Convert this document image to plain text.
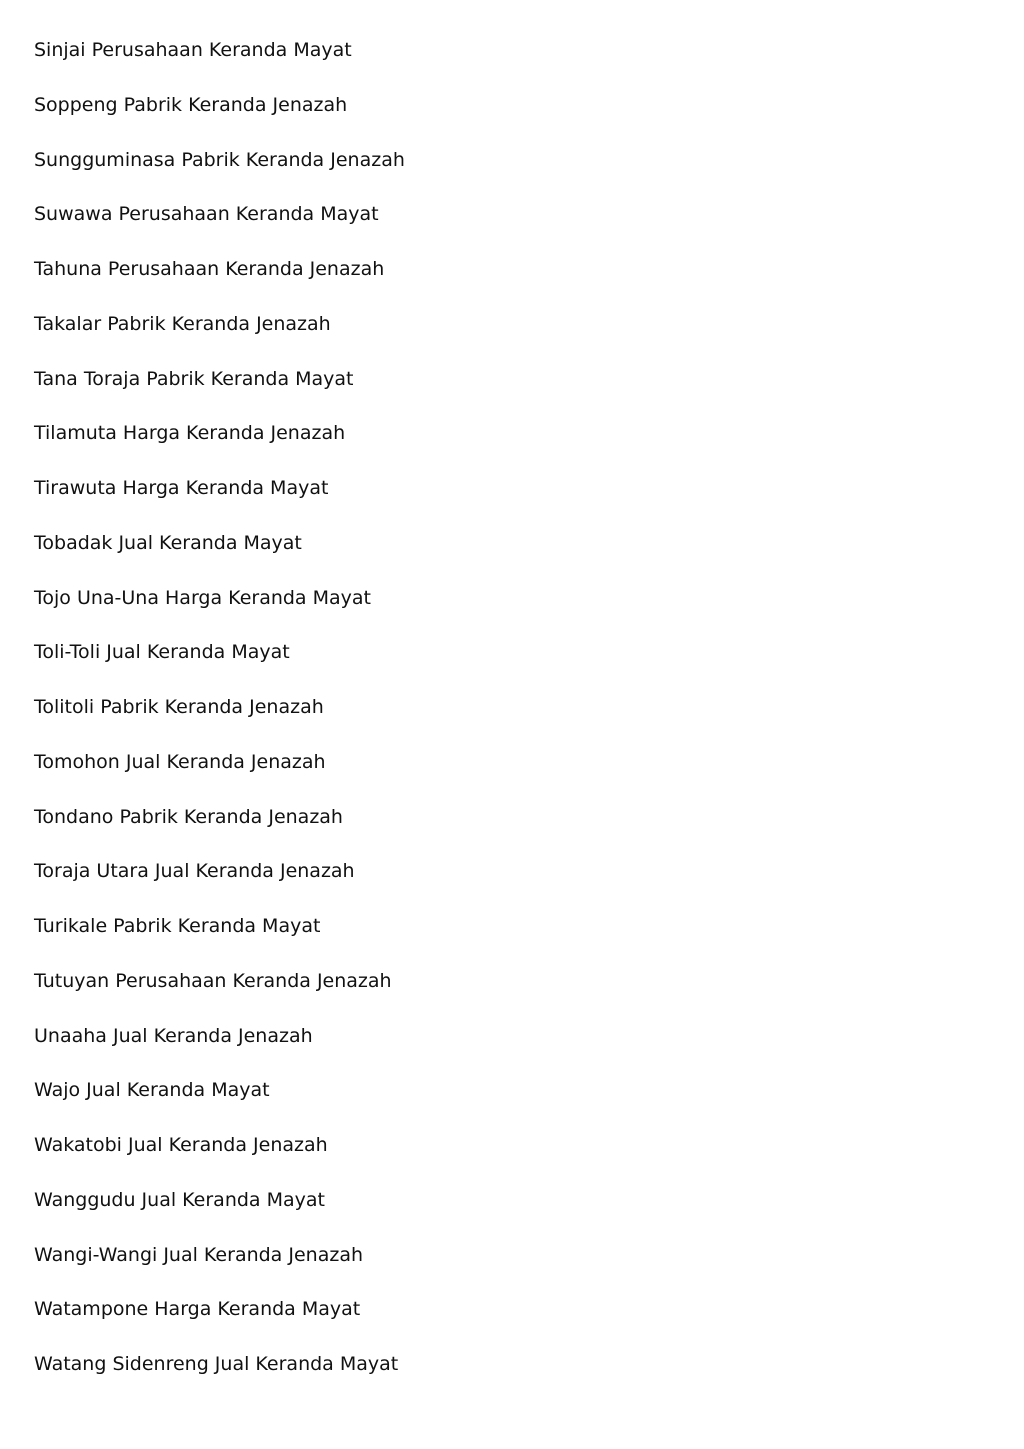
Sinjai Perusahaan Keranda Mayat
Soppeng Pabrik Keranda Jenazah
Sungguminasa Pabrik Keranda Jenazah
Suwawa Perusahaan Keranda Mayat
Tahuna Perusahaan Keranda Jenazah
Takalar Pabrik Keranda Jenazah
Tana Toraja Pabrik Keranda Mayat
Tilamuta Harga Keranda Jenazah
Tirawuta Harga Keranda Mayat
Tobadak Jual Keranda Mayat
Tojo Una-Una Harga Keranda Mayat
Toli-Toli Jual Keranda Mayat
Tolitoli Pabrik Keranda Jenazah
Tomohon Jual Keranda Jenazah
Tondano Pabrik Keranda Jenazah
Toraja Utara Jual Keranda Jenazah
Turikale Pabrik Keranda Mayat
Tutuyan Perusahaan Keranda Jenazah
Unaaha Jual Keranda Jenazah
Wajo Jual Keranda Mayat
Wakatobi Jual Keranda Jenazah
Wanggudu Jual Keranda Mayat
Wangi-Wangi Jual Keranda Jenazah
Watampone Harga Keranda Mayat
Watang Sidenreng Jual Keranda Mayat
